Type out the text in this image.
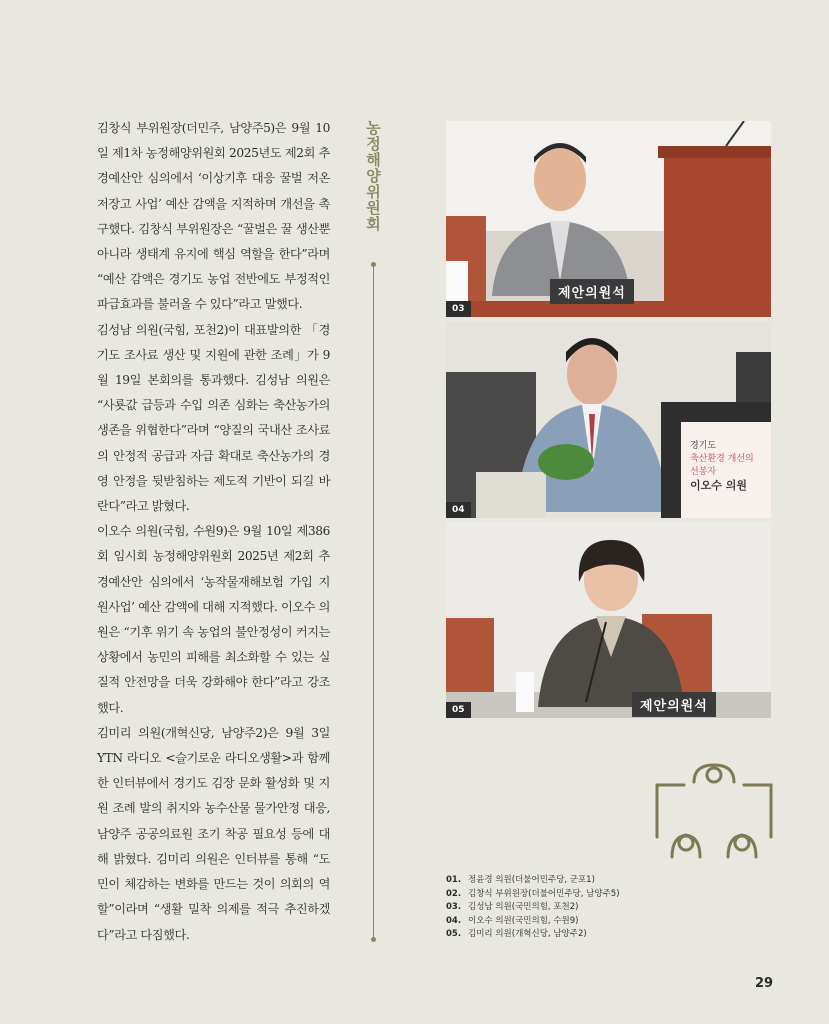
김창식 부위원장(더민주, 남양주5)은 9월 10일 제1차 농정해양위원회 2025년도 제2회 추경예산안 심의에서 ‘이상기후 대응 꿀벌 저온 저장고 사업’ 예산 감액을 지적하며 개선을 촉구했다. 김창식 부위원장은 “꿀벌은 꿀 생산뿐 아니라 생태계 유지에 핵심 역할을 한다”라며 “예산 감액은 경기도 농업 전반에도 부정적인 파급효과를 불러올 수 있다”라고 말했다.

김성남 의원(국힘, 포천2)이 대표발의한 「경기도 조사료 생산 및 지원에 관한 조례」가 9월 19일 본회의를 통과했다. 김성남 의원은 “사룟값 급등과 수입 의존 심화는 축산농가의 생존을 위협한다”라며 “양질의 국내산 조사료의 안정적 공급과 자급 확대로 축산농가의 경영 안정을 뒷받침하는 제도적 기반이 되길 바란다”라고 밝혔다.

이오수 의원(국힘, 수원9)은 9월 10일 제386회 임시회 농정해양위원회 2025년 제2회 추경예산안 심의에서 ‘농작물재해보험 가입 지원사업’ 예산 감액에 대해 지적했다. 이오수 의원은 “기후 위기 속 농업의 불안정성이 커지는 상황에서 농민의 피해를 최소화할 수 있는 실질적 안전망을 더욱 강화해야 한다”라고 강조했다.

김미리 의원(개혁신당, 남양주2)은 9월 3일 YTN 라디오 <슬기로운 라디오생활>과 함께한 인터뷰에서 경기도 김장 문화 활성화 및 지원 조례 발의 취지와 농수산물 물가안정 대응, 남양주 공공의료원 조기 착공 필요성 등에 대해 밝혔다. 김미리 의원은 인터뷰를 통해 “도민이 체감하는 변화를 만드는 것이 의회의 역할”이라며 “생활 밀착 의제를 적극 추진하겠다”라고 다짐했다.

농정해양위원회
제안의원석
03
경기도
축산환경 개선의
선봉자
이오수 의원
04
제안의원석
05
01. 정윤경 의원(더불어민주당, 군포1)
02. 김창식 부위원장(더불어민주당, 남양주5)
03. 김성남 의원(국민의힘, 포천2)
04. 이오수 의원(국민의힘, 수원9)
05. 김미리 의원(개혁신당, 남양주2)
29
